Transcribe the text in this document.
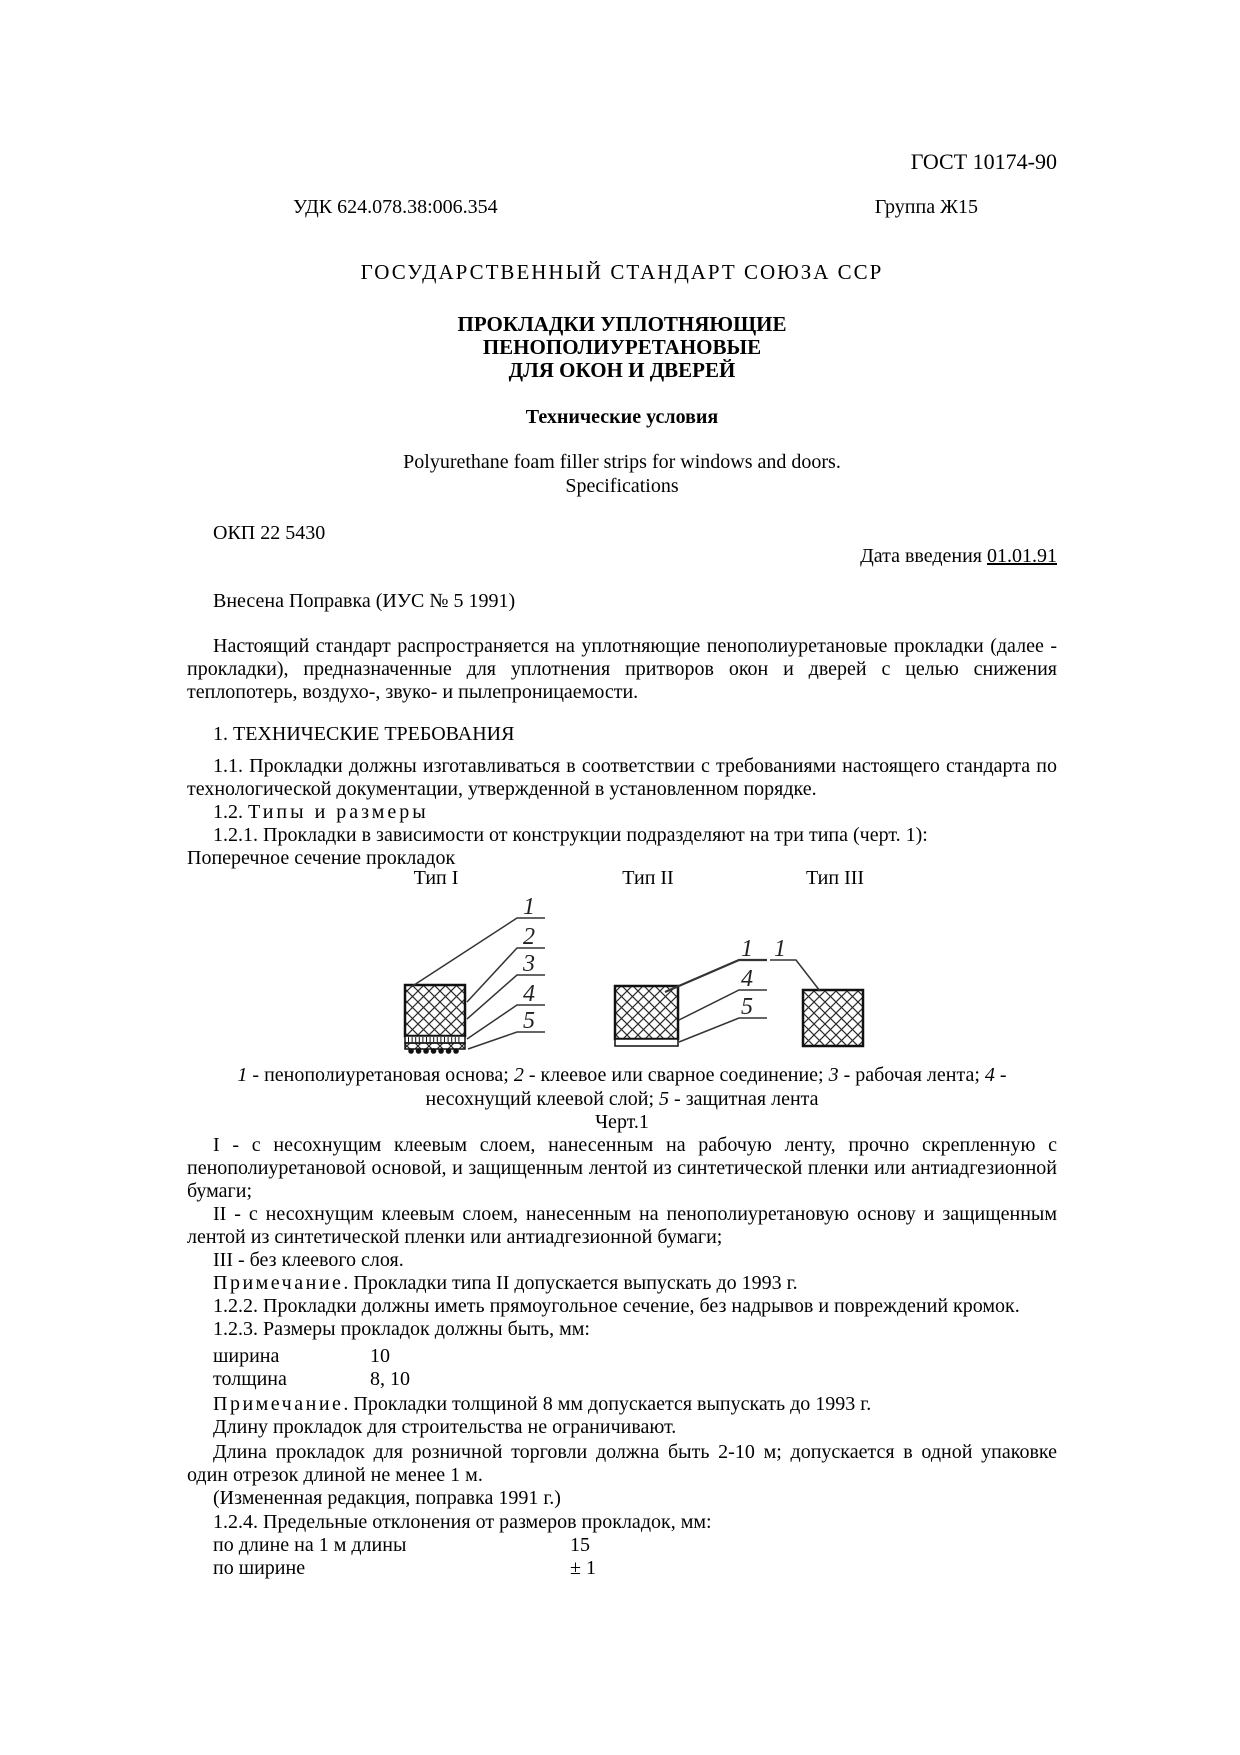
ГОСТ 10174-90
УДК 624.078.38:006.354	Группа Ж15
ГОСУДАРСТВЕННЫЙ СТАНДАРТ СОЮЗА ССР
ПРОКЛАДКИ УПЛОТНЯЮЩИЕ
ПЕНОПОЛИУРЕТАНОВЫЕ
ДЛЯ ОКОН И ДВЕРЕЙ
Технические условия
Polyurethane foam filler strips for windows and doors.
Specifications
ОКП 22 5430
Дата введения 01.01.91
Внесена Поправка (ИУС № 5 1991)

Настоящий стандарт распространяется на уплотняющие пенополиуретановые прокладки (далее - прокладки), предназначенные для уплотнения притворов окон и дверей с целью снижения теплопотерь, воздухо-, звуко- и пылепроницаемости.

1. ТЕХНИЧЕСКИЕ ТРЕБОВАНИЯ

1.1. Прокладки должны изготавливаться в соответствии с требованиями настоящего стандарта по технологической документации, утвержденной в установленном порядке.

1.2. Типы и размеры
1.2.1. Прокладки в зависимости от конструкции подразделяют на три типа (черт. 1):
Поперечное сечение прокладок
Тип I	Тип II	Тип III
1
2
3
4
5
1
4
5
1
1 - пенополиуретановая основа; 2 - клеевое или сварное соединение; 3 - рабочая лента; 4 - несохнущий клеевой слой; 5 - защитная лента
Черт.1

I - с несохнущим клеевым слоем, нанесенным на рабочую ленту, прочно скрепленную с пенополиуретановой основой, и защищенным лентой из синтетической пленки или антиадгезионной бумаги;

II - с несохнущим клеевым слоем, нанесенным на пенополиуретановую основу и защищенным лентой из синтетической пленки или антиадгезионной бумаги;

III - без клеевого слоя.
Примечание. Прокладки типа II допускается выпускать до 1993 г.
1.2.2. Прокладки должны иметь прямоугольное сечение, без надрывов и повреждений кромок.
1.2.3. Размеры прокладок должны быть, мм:
ширина	10
толщина	8, 10
Примечание. Прокладки толщиной 8 мм допускается выпускать до 1993 г.
Длину прокладок для строительства не ограничивают.

Длина прокладок для розничной торговли должна быть 2-10 м; допускается в одной упаковке один отрезок длиной не менее 1 м.

(Измененная редакция, поправка 1991 г.)
1.2.4. Предельные отклонения от размеров прокладок, мм:
по длине на 1 м длины	15
по ширине	± 1
